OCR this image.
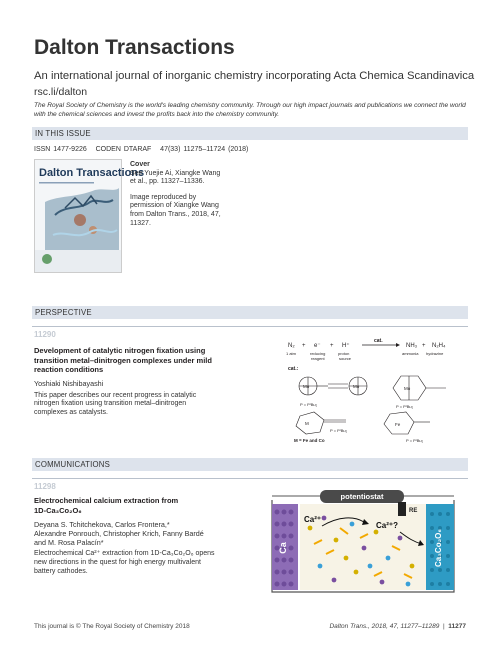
Dalton Transactions
An international journal of inorganic chemistry incorporating Acta Chemica Scandinavica
rsc.li/dalton
The Royal Society of Chemistry is the world's leading chemistry community. Through our high impact journals and publications we connect the world with the chemical sciences and invest the profits back into the chemistry community.
IN THIS ISSUE
ISSN 1477-9226 CODEN DTARAF 47(33) 11275–11724 (2018)
Dalton Transactions
Cover
See Yuejie Ai, Xiangke Wang
et al., pp. 11327–11336.
Image reproduced by
permission of Xiangke Wang
from Dalton Trans., 2018, 47,
11327.
PERSPECTIVE
11290
Development of catalytic nitrogen fixation using
transition metal–dinitrogen complexes under mild
reaction conditions
Yoshiaki Nishibayashi
This paper describes our recent progress in catalytic
nitrogen fixation using transition metal–dinitrogen
complexes as catalysts.
N₂ + e⁻ + H⁺
cat.
NH₃ + N₂H₄
1 atm	reducing
reagent
proton
source
ammonia hydrazine
cat.:
Mo
P = PᵗBu₂
Mo	Mo
P = PᵗBu₂
M
P = PᵗBu₂
M = Fe and Co
Fe
P = PᵗBu₂
COMMUNICATIONS
11298
Electrochemical calcium extraction from
1D-Ca₃Co₂O₆
Deyana S. Tchitchekova, Carlos Frontera,*
Alexandre Ponrouch, Christopher Krich, Fanny Bardé
and M. Rosa Palacín*
Electrochemical Ca²⁺ extraction from 1D-Ca₃Co₂O₆ opens
new directions in the quest for high energy multivalent
battery cathodes.
Ca	Ca₃Co₂O₆
potentiostat
RE
Ca²⁺
Ca²⁺?
This journal is © The Royal Society of Chemistry 2018	Dalton Trans., 2018, 47, 11277–11289  |  11277
